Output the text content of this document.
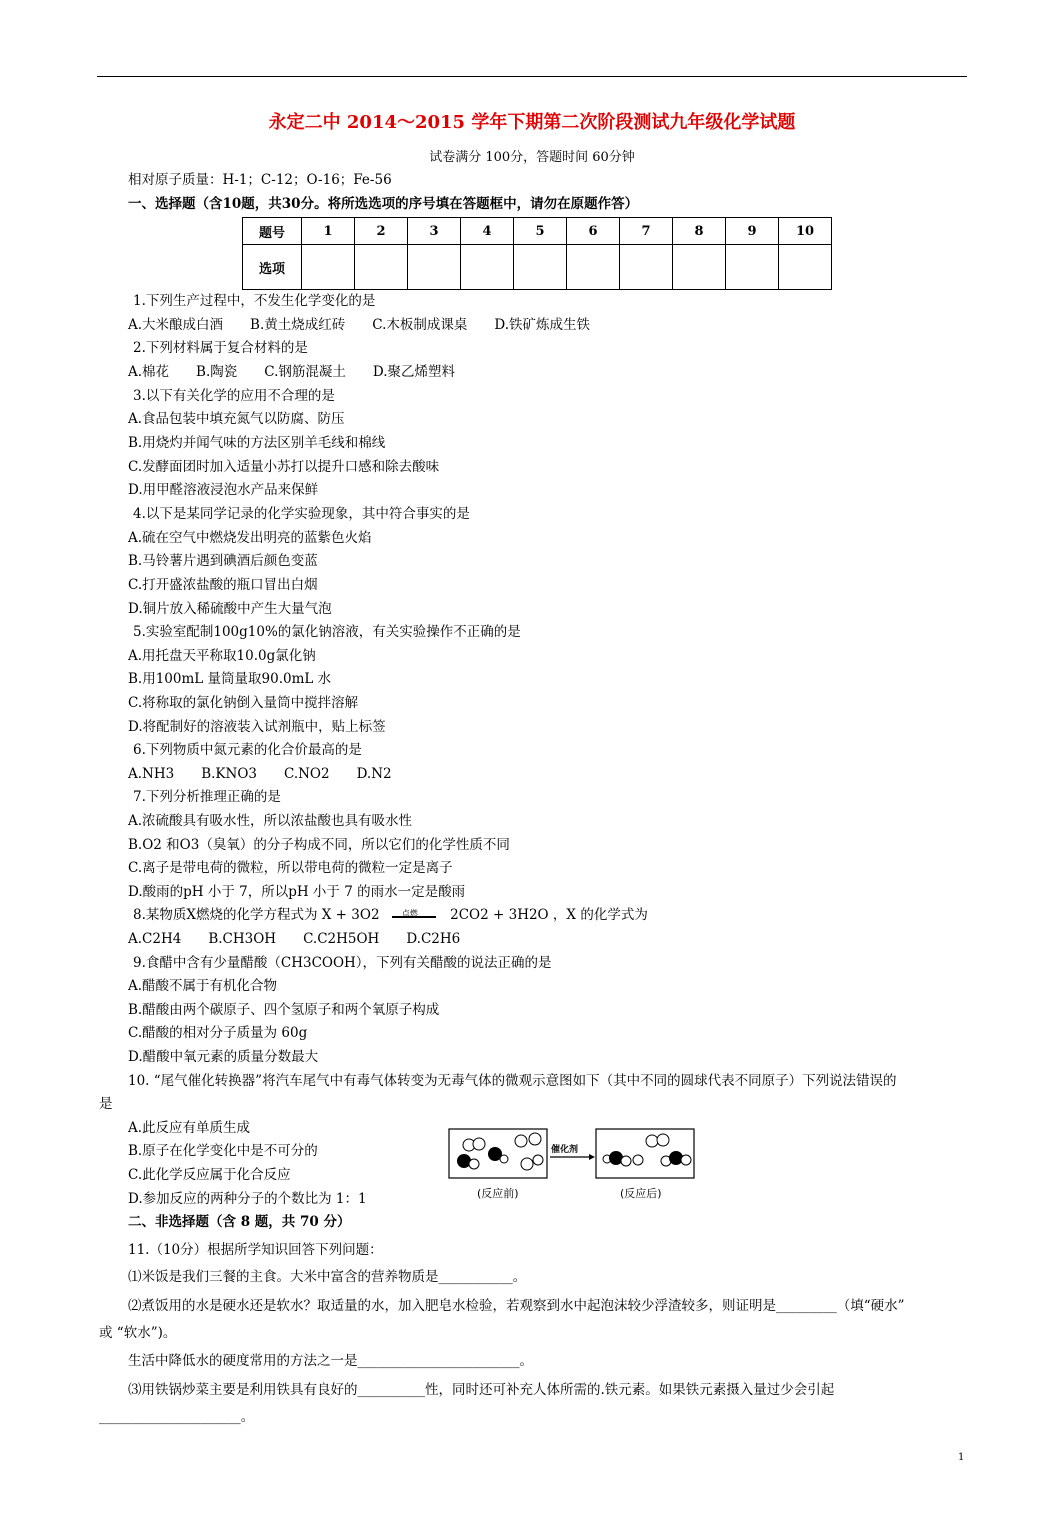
永定二中 2014～2015 学年下期第二次阶段测试九年级化学试题
试卷满分 100分，答题时间 60分钟
相对原子质量：H-1；C-12；O-16；Fe-56
一、选择题（含10题，共30分。将所选选项的序号填在答题框中，请勿在原题作答）
题号	1	2	3	4	5	6	7	8	9	10
选项										
1.下列生产过程中，不发生化学变化的是
A.大米酿成白酒　　B.黄土烧成红砖　　C.木板制成课桌　　D.铁矿炼成生铁
2.下列材料属于复合材料的是
A.棉花　　B.陶瓷　　C.钢筋混凝土　　D.聚乙烯塑料
3.以下有关化学的应用不合理的是
A.食品包装中填充氮气以防腐、防压
B.用烧灼并闻气味的方法区别羊毛线和棉线
C.发酵面团时加入适量小苏打以提升口感和除去酸味
D.用甲醛溶液浸泡水产品来保鲜
4.以下是某同学记录的化学实验现象，其中符合事实的是
A.硫在空气中燃烧发出明亮的蓝紫色火焰
B.马铃薯片遇到碘酒后颜色变蓝
C.打开盛浓盐酸的瓶口冒出白烟
D.铜片放入稀硫酸中产生大量气泡
5.实验室配制100g10%的氯化钠溶液，有关实验操作不正确的是
A.用托盘天平称取10.0g氯化钠
B.用100mL 量筒量取90.0mL 水
C.将称取的氯化钠倒入量筒中搅拌溶解
D.将配制好的溶液装入试剂瓶中，贴上标签
6.下列物质中氮元素的化合价最高的是
A.NH3　　B.KNO3　　C.NO2　　D.N2
7.下列分析推理正确的是
A.浓硫酸具有吸水性，所以浓盐酸也具有吸水性
B.O2 和O3（臭氧）的分子构成不同，所以它们的化学性质不同
C.离子是带电荷的微粒，所以带电荷的微粒一定是离子
D.酸雨的pH 小于 7，所以pH 小于 7 的雨水一定是酸雨
8.某物质X燃烧的化学方程式为 X + 3O2	点燃 2CO2 + 3H2O ，X 的化学式为
A.C2H4　　B.CH3OH　　C.C2H5OH　　D.C2H6
9.食醋中含有少量醋酸（CH3COOH），下列有关醋酸的说法正确的是
A.醋酸不属于有机化合物
B.醋酸由两个碳原子、四个氢原子和两个氧原子构成
C.醋酸的相对分子质量为 60g
D.醋酸中氧元素的质量分数最大
10. “尾气催化转换器”将汽车尾气中有毒气体转变为无毒气体的微观示意图如下（其中不同的圆球代表不同原子）下列说法错误的
是
A.此反应有单质生成
B.原子在化学变化中是不可分的
C.此化学反应属于化合反应
D.参加反应的两种分子的个数比为 1：1
催化剂
(反应前)	(反应后)
二、非选择题（含 8 题，共 70 分）
11.（10分）根据所学知识回答下列问题：
⑴米饭是我们三餐的主食。大米中富含的营养物质是___________。
⑵煮饭用的水是硬水还是软水？取适量的水，加入肥皂水检验，若观察到水中起泡沫较少浮渣较多，则证明是_________（填“硬水”
或 “软水”)。
生活中降低水的硬度常用的方法之一是________________________。
⑶用铁锅炒菜主要是利用铁具有良好的__________性，同时还可补充人体所需的.铁元素。如果铁元素摄入量过少会引起
_____________________。
1
